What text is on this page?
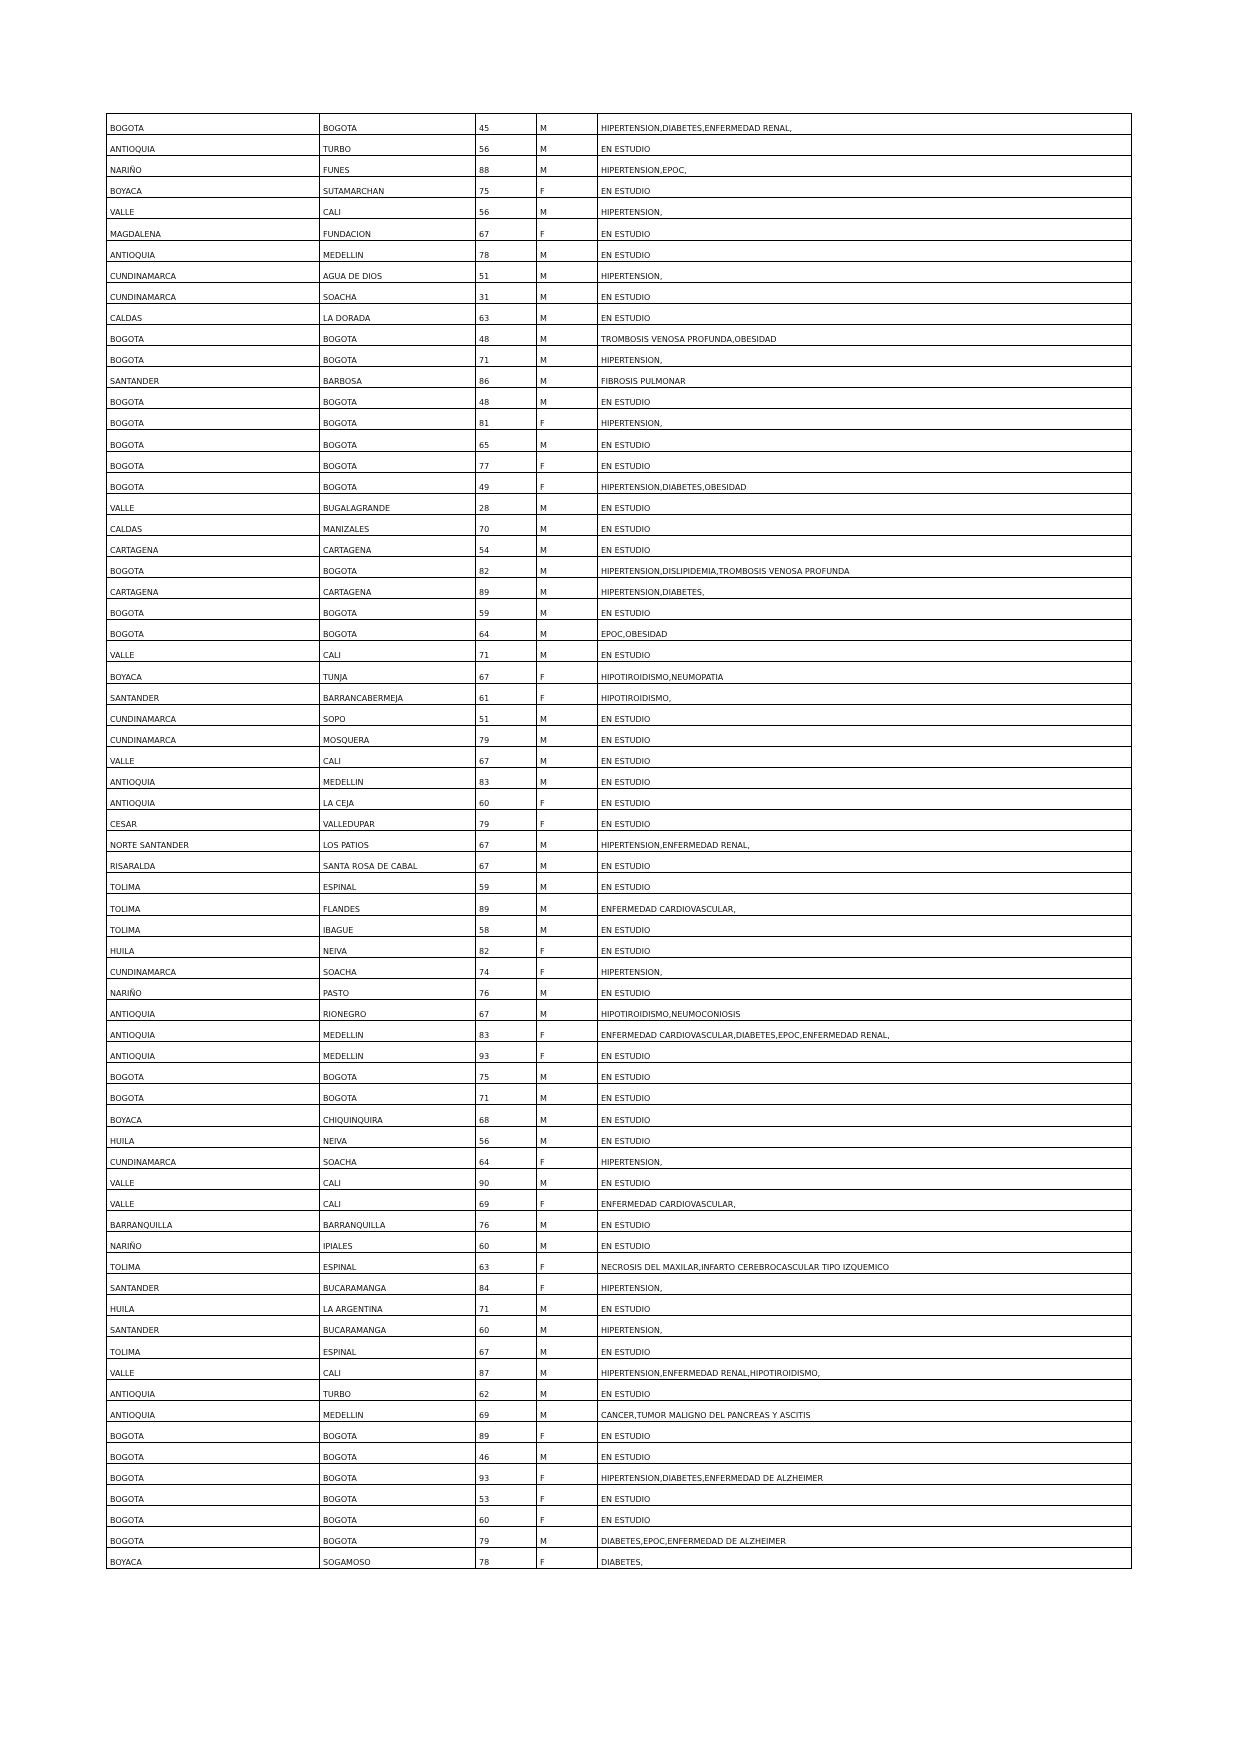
BOGOTA	BOGOTA	45	M	HIPERTENSION,DIABETES,ENFERMEDAD RENAL,
ANTIOQUIA	TURBO	56	M	EN ESTUDIO
NARIÑO	FUNES	88	M	HIPERTENSION,EPOC,
BOYACA	SUTAMARCHAN	75	F	EN ESTUDIO
VALLE	CALI	56	M	HIPERTENSION,
MAGDALENA	FUNDACION	67	F	EN ESTUDIO
ANTIOQUIA	MEDELLIN	78	M	EN ESTUDIO
CUNDINAMARCA	AGUA DE DIOS	51	M	HIPERTENSION,
CUNDINAMARCA	SOACHA	31	M	EN ESTUDIO
CALDAS	LA DORADA	63	M	EN ESTUDIO
BOGOTA	BOGOTA	48	M	TROMBOSIS VENOSA PROFUNDA,OBESIDAD
BOGOTA	BOGOTA	71	M	HIPERTENSION,
SANTANDER	BARBOSA	86	M	FIBROSIS PULMONAR
BOGOTA	BOGOTA	48	M	EN ESTUDIO
BOGOTA	BOGOTA	81	F	HIPERTENSION,
BOGOTA	BOGOTA	65	M	EN ESTUDIO
BOGOTA	BOGOTA	77	F	EN ESTUDIO
BOGOTA	BOGOTA	49	F	HIPERTENSION,DIABETES,OBESIDAD
VALLE	BUGALAGRANDE	28	M	EN ESTUDIO
CALDAS	MANIZALES	70	M	EN ESTUDIO
CARTAGENA	CARTAGENA	54	M	EN ESTUDIO
BOGOTA	BOGOTA	82	M	HIPERTENSION,DISLIPIDEMIA,TROMBOSIS VENOSA PROFUNDA
CARTAGENA	CARTAGENA	89	M	HIPERTENSION,DIABETES,
BOGOTA	BOGOTA	59	M	EN ESTUDIO
BOGOTA	BOGOTA	64	M	EPOC,OBESIDAD
VALLE	CALI	71	M	EN ESTUDIO
BOYACA	TUNJA	67	F	HIPOTIROIDISMO,NEUMOPATIA
SANTANDER	BARRANCABERMEJA	61	F	HIPOTIROIDISMO,
CUNDINAMARCA	SOPO	51	M	EN ESTUDIO
CUNDINAMARCA	MOSQUERA	79	M	EN ESTUDIO
VALLE	CALI	67	M	EN ESTUDIO
ANTIOQUIA	MEDELLIN	83	M	EN ESTUDIO
ANTIOQUIA	LA CEJA	60	F	EN ESTUDIO
CESAR	VALLEDUPAR	79	F	EN ESTUDIO
NORTE SANTANDER	LOS PATIOS	67	M	HIPERTENSION,ENFERMEDAD RENAL,
RISARALDA	SANTA ROSA DE CABAL	67	M	EN ESTUDIO
TOLIMA	ESPINAL	59	M	EN ESTUDIO
TOLIMA	FLANDES	89	M	ENFERMEDAD CARDIOVASCULAR,
TOLIMA	IBAGUE	58	M	EN ESTUDIO
HUILA	NEIVA	82	F	EN ESTUDIO
CUNDINAMARCA	SOACHA	74	F	HIPERTENSION,
NARIÑO	PASTO	76	M	EN ESTUDIO
ANTIOQUIA	RIONEGRO	67	M	HIPOTIROIDISMO,NEUMOCONIOSIS
ANTIOQUIA	MEDELLIN	83	F	ENFERMEDAD CARDIOVASCULAR,DIABETES,EPOC,ENFERMEDAD RENAL,
ANTIOQUIA	MEDELLIN	93	F	EN ESTUDIO
BOGOTA	BOGOTA	75	M	EN ESTUDIO
BOGOTA	BOGOTA	71	M	EN ESTUDIO
BOYACA	CHIQUINQUIRA	68	M	EN ESTUDIO
HUILA	NEIVA	56	M	EN ESTUDIO
CUNDINAMARCA	SOACHA	64	F	HIPERTENSION,
VALLE	CALI	90	M	EN ESTUDIO
VALLE	CALI	69	F	ENFERMEDAD CARDIOVASCULAR,
BARRANQUILLA	BARRANQUILLA	76	M	EN ESTUDIO
NARIÑO	IPIALES	60	M	EN ESTUDIO
TOLIMA	ESPINAL	63	F	NECROSIS DEL MAXILAR,INFARTO CEREBROCASCULAR TIPO IZQUEMICO
SANTANDER	BUCARAMANGA	84	F	HIPERTENSION,
HUILA	LA ARGENTINA	71	M	EN ESTUDIO
SANTANDER	BUCARAMANGA	60	M	HIPERTENSION,
TOLIMA	ESPINAL	67	M	EN ESTUDIO
VALLE	CALI	87	M	HIPERTENSION,ENFERMEDAD RENAL,HIPOTIROIDISMO,
ANTIOQUIA	TURBO	62	M	EN ESTUDIO
ANTIOQUIA	MEDELLIN	69	M	CANCER,TUMOR MALIGNO DEL PANCREAS Y ASCITIS
BOGOTA	BOGOTA	89	F	EN ESTUDIO
BOGOTA	BOGOTA	46	M	EN ESTUDIO
BOGOTA	BOGOTA	93	F	HIPERTENSION,DIABETES,ENFERMEDAD DE ALZHEIMER
BOGOTA	BOGOTA	53	F	EN ESTUDIO
BOGOTA	BOGOTA	60	F	EN ESTUDIO
BOGOTA	BOGOTA	79	M	DIABETES,EPOC,ENFERMEDAD DE ALZHEIMER
BOYACA	SOGAMOSO	78	F	DIABETES,
